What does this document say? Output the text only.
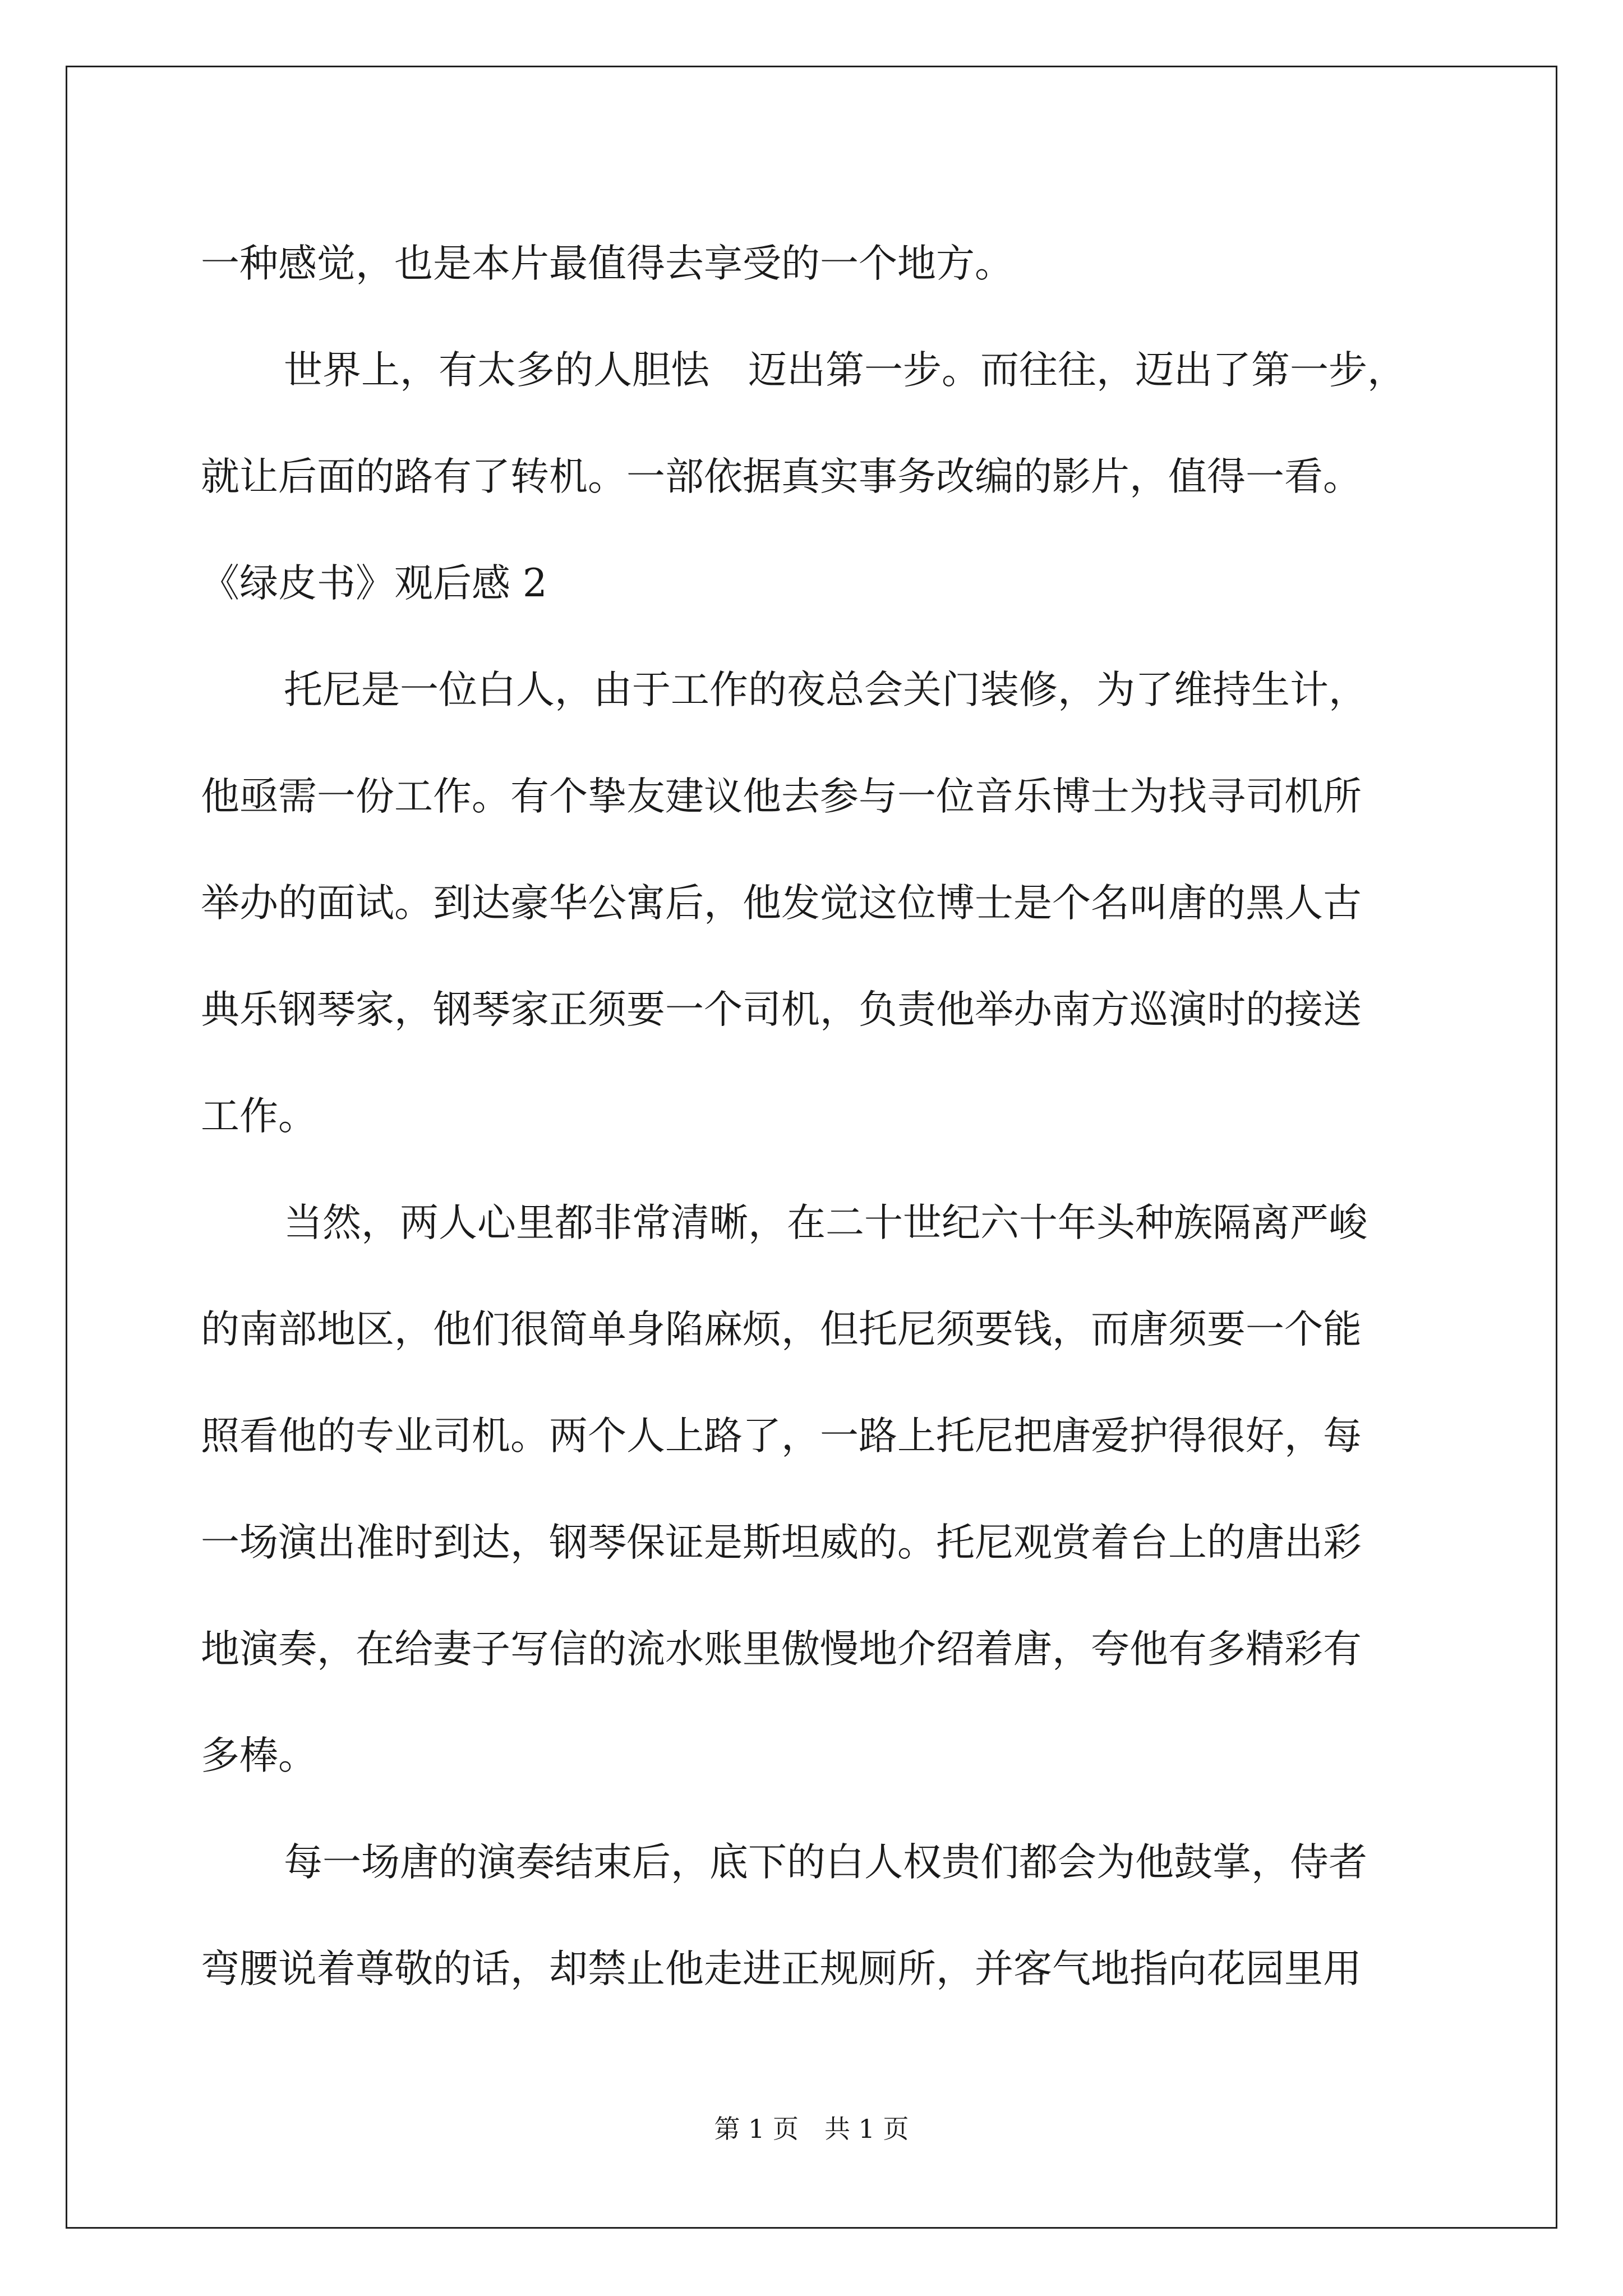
一种感觉，也是本片最值得去享受的一个地方。
世界上，有太多的人胆怯　迈出第一步。而往往，迈出了第一步，
就让后面的路有了转机。一部依据真实事务改编的影片，值得一看。
《绿皮书》观后感 2
托尼是一位白人，由于工作的夜总会关门装修，为了维持生计，
他亟需一份工作。有个挚友建议他去参与一位音乐博士为找寻司机所
举办的面试。到达豪华公寓后，他发觉这位博士是个名叫唐的黑人古
典乐钢琴家，钢琴家正须要一个司机，负责他举办南方巡演时的接送
工作。
当然，两人心里都非常清晰，在二十世纪六十年头种族隔离严峻
的南部地区，他们很简单身陷麻烦，但托尼须要钱，而唐须要一个能
照看他的专业司机。两个人上路了，一路上托尼把唐爱护得很好，每
一场演出准时到达，钢琴保证是斯坦威的。托尼观赏着台上的唐出彩
地演奏，在给妻子写信的流水账里傲慢地介绍着唐，夸他有多精彩有
多棒。
每一场唐的演奏结束后，底下的白人权贵们都会为他鼓掌，侍者
弯腰说着尊敬的话，却禁止他走进正规厕所，并客气地指向花园里用
第 1 页　共 1 页
